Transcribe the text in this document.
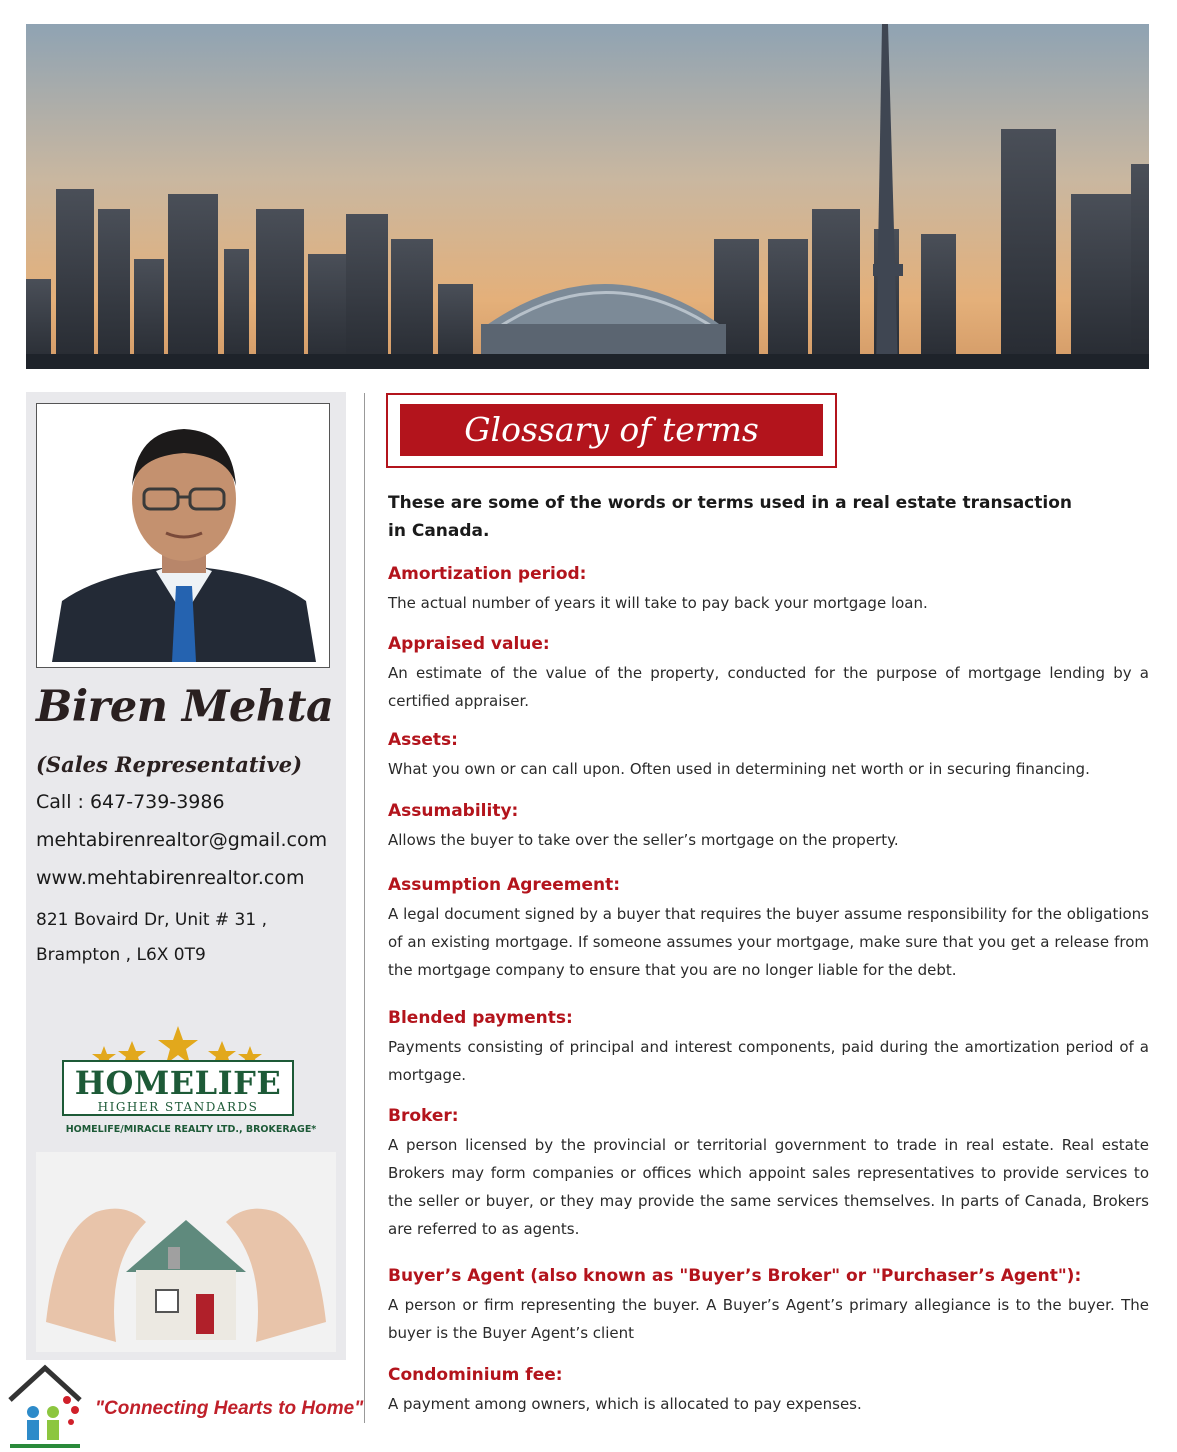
Biren Mehta
(Sales Representative)
Call : 647-739-3986
mehtabirenrealtor@gmail.com
www.mehtabirenrealtor.com
821 Bovaird Dr, Unit # 31 ,
Brampton , L6X 0T9
HOMELIFE
HIGHER STANDARDS
HOMELIFE/MIRACLE REALTY LTD., BROKERAGE*
"Connecting Hearts to Home"
Glossary of terms
These are some of the words or terms used in a real estate transaction in Canada.
Amortization period:
The actual number of years it will take to pay back your mortgage loan.
Appraised value:
An estimate of the value of the property, conducted for the purpose of mortgage lending by a certified appraiser.
Assets:
What you own or can call upon. Often used in determining net worth or in securing financing.
Assumability:
Allows the buyer to take over the seller’s mortgage on the property.
Assumption Agreement:
A legal document signed by a buyer that requires the buyer assume responsibility for the obligations of an existing mortgage. If someone assumes your mortgage, make sure that you get a release from the mortgage company to ensure that you are no longer liable for the debt.
Blended payments:
Payments consisting of principal and interest components, paid during the amortization period of a mortgage.
Broker:
A person licensed by the provincial or territorial government to trade in real estate. Real estate Brokers may form companies or offices which appoint sales representatives to provide services to the seller or buyer, or they may provide the same services themselves. In parts of Canada, Brokers are referred to as agents.
Buyer’s Agent (also known as "Buyer’s Broker" or "Purchaser’s Agent"):
A person or firm representing the buyer. A Buyer’s Agent’s primary allegiance is to the buyer. The buyer is the Buyer Agent’s client
Condominium fee:
A payment among owners, which is allocated to pay expenses.
